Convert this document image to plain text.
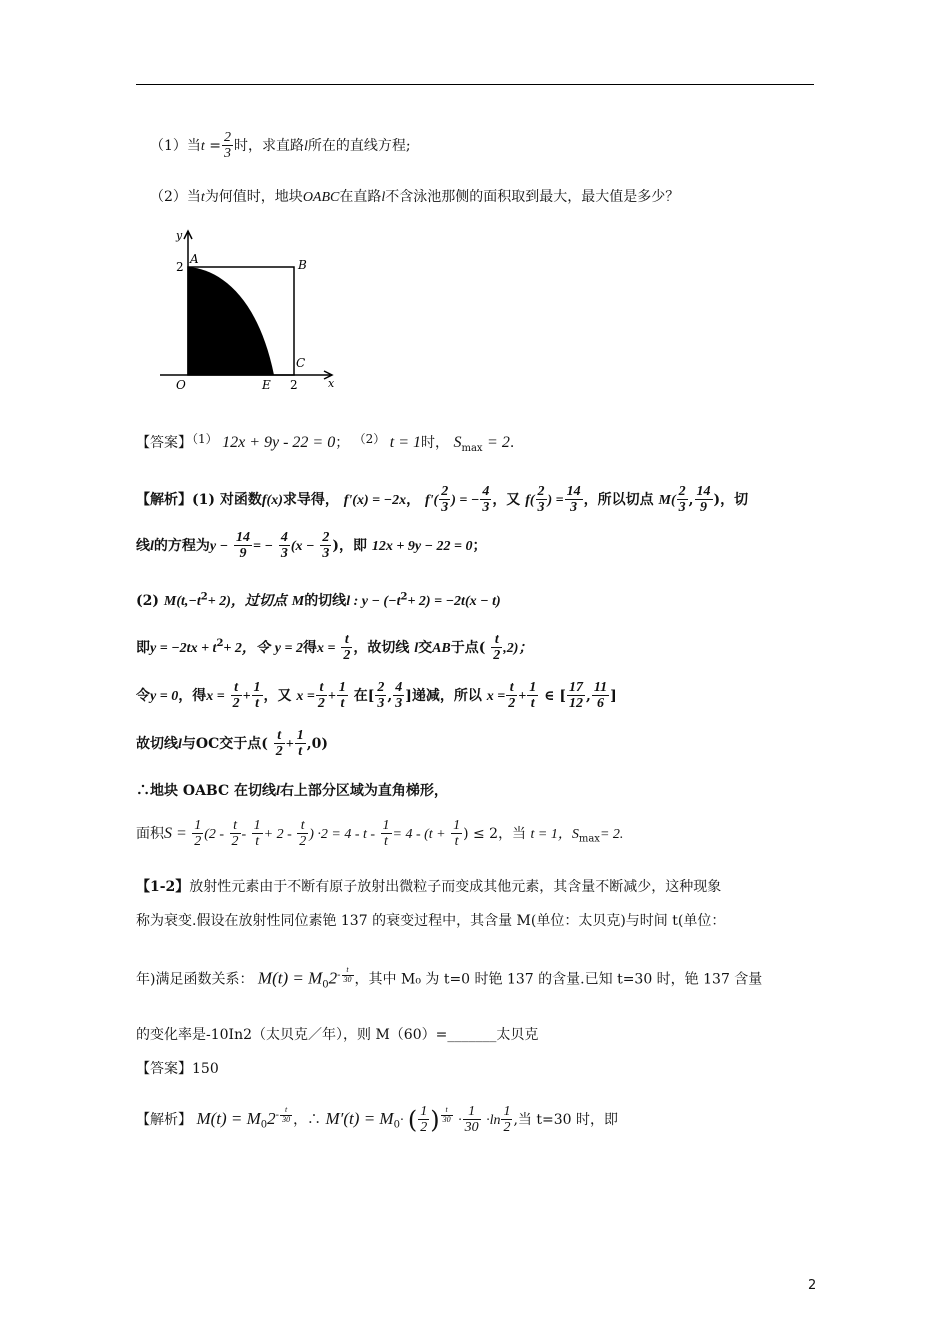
（1）当$t = \frac{2}{3}$ 时，求直路l所在的直线方程;
（2）当t为何值时，地块OABC在直路l不含泳池那侧的面积取到最大，最大值是多少？
y
x
A	B
C
O	E
2
2
【答案】（1） 12x + 9y - 22 = 0； （2） t = 1时， $S_{max} = 2$.
【解析】(1) 对函数f(x)求导得， f'(x) = −2x， $f'( \frac{2}{3}$ ) = − $\frac{4}{3}$ ，又 $f( \frac{2}{3}$ ) = $\frac{14}{3}$ ，所以切点 $M( \frac{2}{3}$ , $\frac{14}{9}$ )，切
线l的方程为$y - \frac{14}{9}$ = − $\frac{4}{3} (x - \frac{2}{3}$ )，即 12x + 9y − 22 = 0；
(2) $M(t,-t^2+ 2)$，过切点 M的切线l : $y - (-t^2+ 2) = -2t(x - t)$
即$y = -2tx + t^2+ 2$，令 y = 2得$x = \frac{t}{2}$ ，故切线 l交AB于点( $\frac{t}{2} ,2$)；
令y = 0，得$x = \frac{t}{2} + \frac{1}{t}$ ，又 $x = \frac{t}{2} + \frac{1}{t}$ 在[ $\frac{2}{3}$ , $\frac{4}{3}$ ]递减，所以 $x = \frac{t}{2} + \frac{1}{t}$ ∈ [ $\frac{17}{12}$ , $\frac{11}{6}$ ]
故切线l与OC交于点( $\frac{t}{2} + \frac{1}{t} ,0$)
∴地块 OABC 在切线l右上部分区域为直角梯形，
面积$S = \frac{1}{2} (2 - \frac{t}{2} - \frac{1}{t} + 2 - \frac{t}{2}$ ) $\cdot 2 = 4 - t - \frac{1}{t} = 4 - (t + \frac{1}{t}$ ) ≤ 2，当 t = 1，$S_{max}= 2$.
【1-2】放射性元素由于不断有原子放射出微粒子而变成其他元素，其含量不断减少，这种现象
称为衰变.假设在放射性同位素铯 137 的衰变过程中，其含量 M(单位：太贝克)与时间 t(单位：
年)满足函数关系： $M(t) = M_02^{- \frac{t}{30}}$ ，其中 M₀ 为 t=0 时铯 137 的含量.已知 t=30 时，铯 137 含量
的变化率是-10In2（太贝克／年），则 M（60）=_______太贝克
【答案】150
【解析】 $M(t) = M_02^{- \frac{t}{30}}$ ，∴ $M'(t) = M_0\cdot$ ( $\frac{1}{2}$ ) $^{\frac{t}{30}} \cdot \frac{1}{30} \cdot\ln \frac{1}{2}$ ,当 t=30 时，即
2
